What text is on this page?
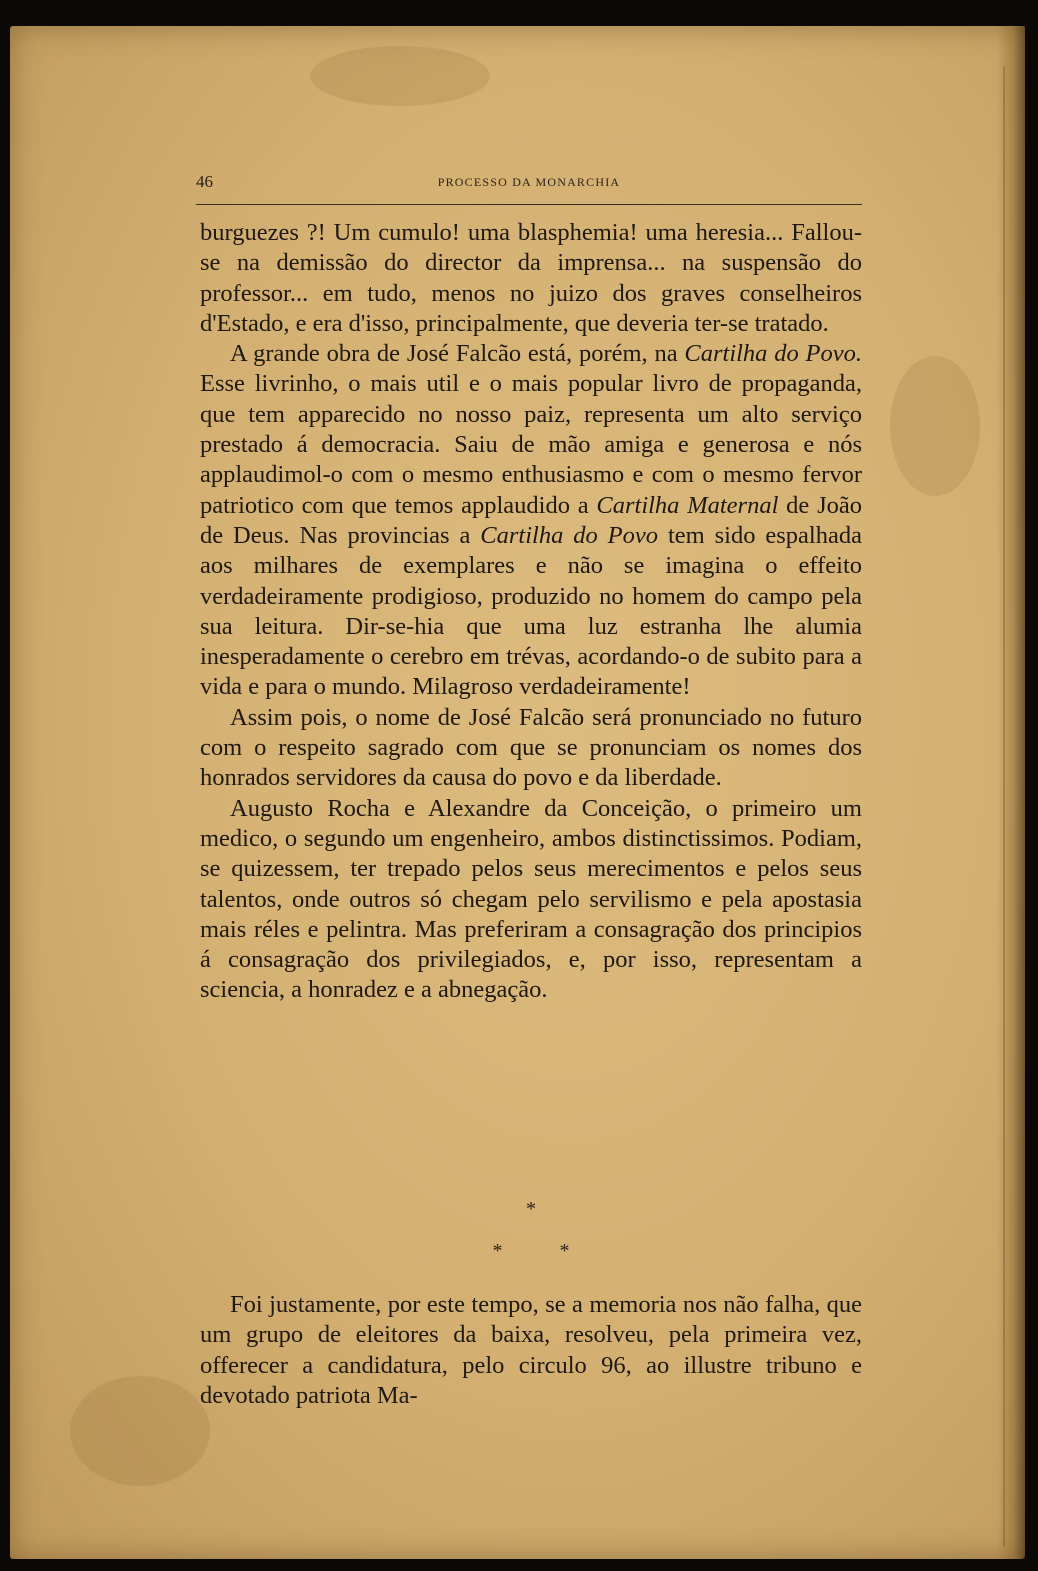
46	PROCESSO DA MONARCHIA

burguezes ?! Um cumulo! uma blasphemia! uma heresia... Fallou-se na demissão do director da imprensa... na suspensão do professor... em tudo, menos no juizo dos graves conselheiros d'Estado, e era d'isso, principalmente, que deveria ter-se tratado.

A grande obra de José Falcão está, porém, na Cartilha do Povo. Esse livrinho, o mais util e o mais popular livro de propaganda, que tem apparecido no nosso paiz, representa um alto serviço prestado á democracia. Saiu de mão amiga e generosa e nós applaudimol-o com o mesmo enthusiasmo e com o mesmo fervor patriotico com que temos applaudido a Cartilha Maternal de João de Deus. Nas provincias a Cartilha do Povo tem sido espalhada aos milhares de exemplares e não se imagina o effeito verdadeiramente prodigioso, produzido no homem do campo pela sua leitura. Dir-se-hia que uma luz estranha lhe alumia inesperadamente o cerebro em trévas, acordando-o de subito para a vida e para o mundo. Milagroso verdadeiramente!

Assim pois, o nome de José Falcão será pronunciado no futuro com o respeito sagrado com que se pronunciam os nomes dos honrados servidores da causa do povo e da liberdade.

Augusto Rocha e Alexandre da Conceição, o primeiro um medico, o segundo um engenheiro, ambos distinctissimos. Podiam, se quizessem, ter trepado pelos seus merecimentos e pelos seus talentos, onde outros só chegam pelo servilismo e pela apostasia mais réles e pelintra. Mas preferiram a consagração dos principios á consagração dos privilegiados, e, por isso, representam a sciencia, a honradez e a abnegação.

*
*	*

Foi justamente, por este tempo, se a memoria nos não falha, que um grupo de eleitores da baixa, resolveu, pela primeira vez, offerecer a candidatura, pelo circulo 96, ao illustre tribuno e devotado patriota Ma-
